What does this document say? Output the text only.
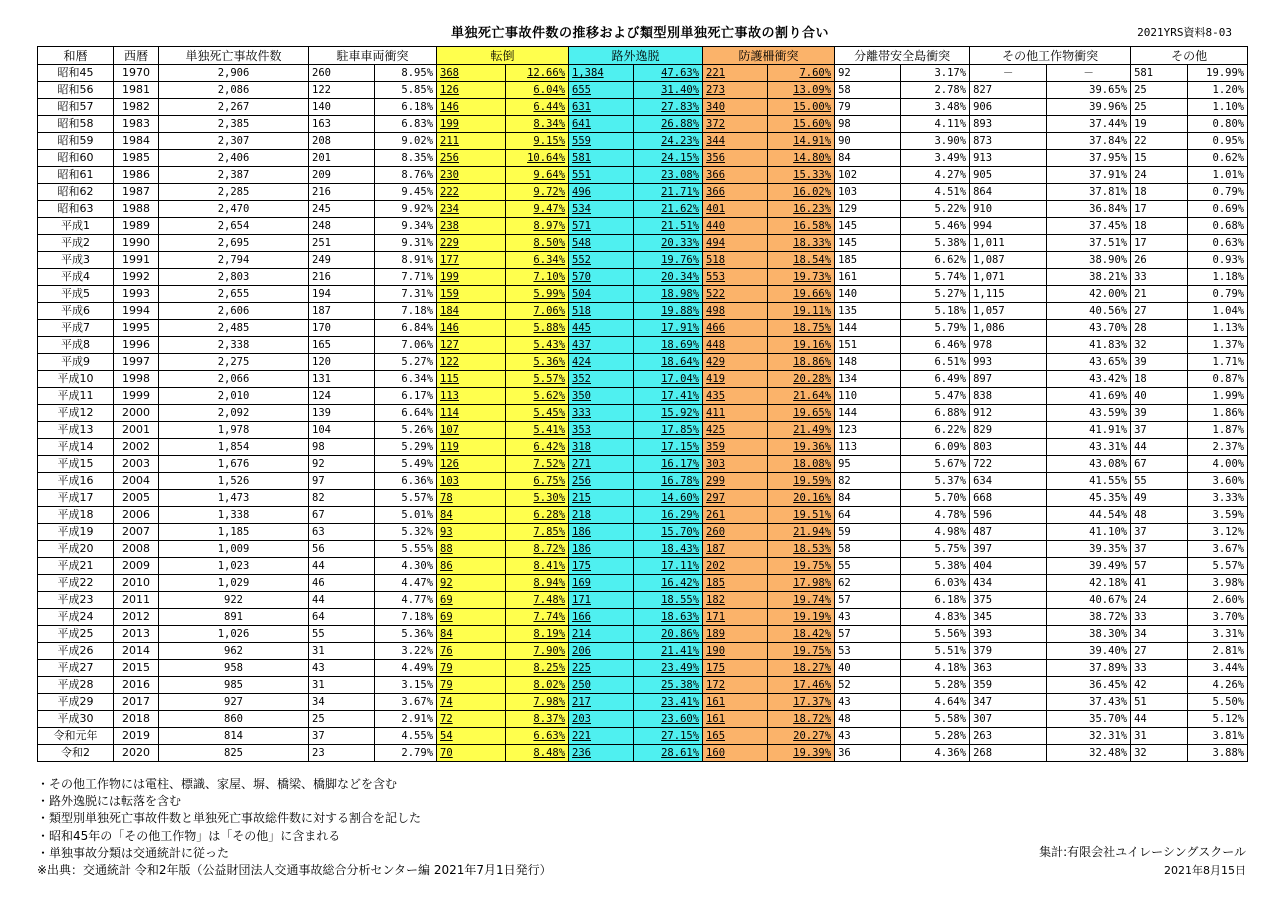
単独死亡事故件数の推移および類型別単独死亡事故の割り合い	2021YRS資料8-03
和暦	西暦	単独死亡事故件数	駐車車両衝突		転倒		路外逸脱		防護柵衝突		分離帯安全島衝突		その他工作物衝突		その他	
昭和45	1970	2,906	260	8.95%	368	12.66%	1,384	47.63%	221	7.60%	92	3.17%	－	－	581	19.99%
昭和56	1981	2,086	122	5.85%	126	6.04%	655	31.40%	273	13.09%	58	2.78%	827	39.65%	25	1.20%
昭和57	1982	2,267	140	6.18%	146	6.44%	631	27.83%	340	15.00%	79	3.48%	906	39.96%	25	1.10%
昭和58	1983	2,385	163	6.83%	199	8.34%	641	26.88%	372	15.60%	98	4.11%	893	37.44%	19	0.80%
昭和59	1984	2,307	208	9.02%	211	9.15%	559	24.23%	344	14.91%	90	3.90%	873	37.84%	22	0.95%
昭和60	1985	2,406	201	8.35%	256	10.64%	581	24.15%	356	14.80%	84	3.49%	913	37.95%	15	0.62%
昭和61	1986	2,387	209	8.76%	230	9.64%	551	23.08%	366	15.33%	102	4.27%	905	37.91%	24	1.01%
昭和62	1987	2,285	216	9.45%	222	9.72%	496	21.71%	366	16.02%	103	4.51%	864	37.81%	18	0.79%
昭和63	1988	2,470	245	9.92%	234	9.47%	534	21.62%	401	16.23%	129	5.22%	910	36.84%	17	0.69%
平成1	1989	2,654	248	9.34%	238	8.97%	571	21.51%	440	16.58%	145	5.46%	994	37.45%	18	0.68%
平成2	1990	2,695	251	9.31%	229	8.50%	548	20.33%	494	18.33%	145	5.38%	1,011	37.51%	17	0.63%
平成3	1991	2,794	249	8.91%	177	6.34%	552	19.76%	518	18.54%	185	6.62%	1,087	38.90%	26	0.93%
平成4	1992	2,803	216	7.71%	199	7.10%	570	20.34%	553	19.73%	161	5.74%	1,071	38.21%	33	1.18%
平成5	1993	2,655	194	7.31%	159	5.99%	504	18.98%	522	19.66%	140	5.27%	1,115	42.00%	21	0.79%
平成6	1994	2,606	187	7.18%	184	7.06%	518	19.88%	498	19.11%	135	5.18%	1,057	40.56%	27	1.04%
平成7	1995	2,485	170	6.84%	146	5.88%	445	17.91%	466	18.75%	144	5.79%	1,086	43.70%	28	1.13%
平成8	1996	2,338	165	7.06%	127	5.43%	437	18.69%	448	19.16%	151	6.46%	978	41.83%	32	1.37%
平成9	1997	2,275	120	5.27%	122	5.36%	424	18.64%	429	18.86%	148	6.51%	993	43.65%	39	1.71%
平成10	1998	2,066	131	6.34%	115	5.57%	352	17.04%	419	20.28%	134	6.49%	897	43.42%	18	0.87%
平成11	1999	2,010	124	6.17%	113	5.62%	350	17.41%	435	21.64%	110	5.47%	838	41.69%	40	1.99%
平成12	2000	2,092	139	6.64%	114	5.45%	333	15.92%	411	19.65%	144	6.88%	912	43.59%	39	1.86%
平成13	2001	1,978	104	5.26%	107	5.41%	353	17.85%	425	21.49%	123	6.22%	829	41.91%	37	1.87%
平成14	2002	1,854	98	5.29%	119	6.42%	318	17.15%	359	19.36%	113	6.09%	803	43.31%	44	2.37%
平成15	2003	1,676	92	5.49%	126	7.52%	271	16.17%	303	18.08%	95	5.67%	722	43.08%	67	4.00%
平成16	2004	1,526	97	6.36%	103	6.75%	256	16.78%	299	19.59%	82	5.37%	634	41.55%	55	3.60%
平成17	2005	1,473	82	5.57%	78	5.30%	215	14.60%	297	20.16%	84	5.70%	668	45.35%	49	3.33%
平成18	2006	1,338	67	5.01%	84	6.28%	218	16.29%	261	19.51%	64	4.78%	596	44.54%	48	3.59%
平成19	2007	1,185	63	5.32%	93	7.85%	186	15.70%	260	21.94%	59	4.98%	487	41.10%	37	3.12%
平成20	2008	1,009	56	5.55%	88	8.72%	186	18.43%	187	18.53%	58	5.75%	397	39.35%	37	3.67%
平成21	2009	1,023	44	4.30%	86	8.41%	175	17.11%	202	19.75%	55	5.38%	404	39.49%	57	5.57%
平成22	2010	1,029	46	4.47%	92	8.94%	169	16.42%	185	17.98%	62	6.03%	434	42.18%	41	3.98%
平成23	2011	922	44	4.77%	69	7.48%	171	18.55%	182	19.74%	57	6.18%	375	40.67%	24	2.60%
平成24	2012	891	64	7.18%	69	7.74%	166	18.63%	171	19.19%	43	4.83%	345	38.72%	33	3.70%
平成25	2013	1,026	55	5.36%	84	8.19%	214	20.86%	189	18.42%	57	5.56%	393	38.30%	34	3.31%
平成26	2014	962	31	3.22%	76	7.90%	206	21.41%	190	19.75%	53	5.51%	379	39.40%	27	2.81%
平成27	2015	958	43	4.49%	79	8.25%	225	23.49%	175	18.27%	40	4.18%	363	37.89%	33	3.44%
平成28	2016	985	31	3.15%	79	8.02%	250	25.38%	172	17.46%	52	5.28%	359	36.45%	42	4.26%
平成29	2017	927	34	3.67%	74	7.98%	217	23.41%	161	17.37%	43	4.64%	347	37.43%	51	5.50%
平成30	2018	860	25	2.91%	72	8.37%	203	23.60%	161	18.72%	48	5.58%	307	35.70%	44	5.12%
令和元年	2019	814	37	4.55%	54	6.63%	221	27.15%	165	20.27%	43	5.28%	263	32.31%	31	3.81%
令和2	2020	825	23	2.79%	70	8.48%	236	28.61%	160	19.39%	36	4.36%	268	32.48%	32	3.88%
・その他工作物には電柱、標識、家屋、塀、橋梁、橋脚などを含む
・路外逸脱には転落を含む
・類型別単独死亡事故件数と単独死亡事故総件数に対する割合を記した
・昭和45年の「その他工作物」は「その他」に含まれる
・単独事故分類は交通統計に従った
※出典：交通統計 令和2年版（公益財団法人交通事故総合分析センター編 2021年7月1日発行）
集計:有限会社ユイレーシングスクール
2021年8月15日
